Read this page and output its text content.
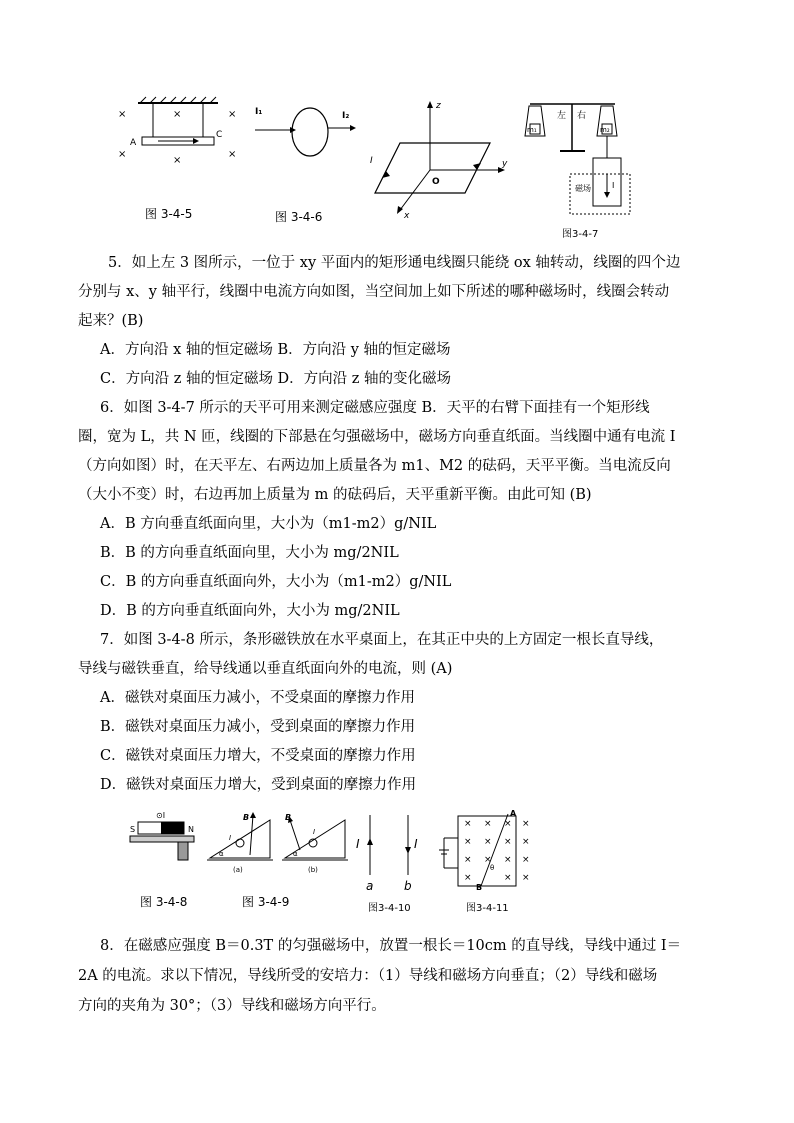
×	×	×
×
×
×
A
C
图 3-4-5
I₁	I₂
图 3-4-6
z
y
x
O
I
左 右
m₁	m₂
磁场	I
图3-4-7
5．如上左 3 图所示，一位于 xy 平面内的矩形通电线圈只能绕 ox 轴转动，线圈的四个边
分别与 x、y 轴平行，线圈中电流方向如图，当空间加上如下所述的哪种磁场时，线圈会转动
起来？(B)
A．方向沿 x 轴的恒定磁场 B．方向沿 y 轴的恒定磁场
C．方向沿 z 轴的恒定磁场 D．方向沿 z 轴的变化磁场
6．如图 3-4-7 所示的天平可用来测定磁感应强度 B．天平的右臂下面挂有一个矩形线
圈，宽为 L，共 N 匝，线圈的下部悬在匀强磁场中，磁场方向垂直纸面。当线圈中通有电流 I
（方向如图）时，在天平左、右两边加上质量各为 m1、M2 的砝码，天平平衡。当电流反向
（大小不变）时，右边再加上质量为 m 的砝码后，天平重新平衡。由此可知 (B)
A．B 方向垂直纸面向里，大小为（m1-m2）g/NIL
B．B 的方向垂直纸面向里，大小为 mg/2NIL
C．B 的方向垂直纸面向外，大小为（m1-m2）g/NIL
D．B 的方向垂直纸面向外，大小为 mg/2NIL
7．如图 3-4-8 所示，条形磁铁放在水平桌面上，在其正中央的上方固定一根长直导线，
导线与磁铁垂直，给导线通以垂直纸面向外的电流，则 (A)
A．磁铁对桌面压力减小，不受桌面的摩擦力作用
B．磁铁对桌面压力减小，受到桌面的摩擦力作用
C．磁铁对桌面压力增大，不受桌面的摩擦力作用
D．磁铁对桌面压力增大，受到桌面的摩擦力作用
S	N
⊙I
图 3-4-8
B
I
α
(a)
B
I
α
(b)
图 3-4-9
I	I
a	b
图3-4-10
× × × ×
× × × ×
× × × ×
×	× ×
A
B
θ
图3-4-11
8．在磁感应强度 B＝0.3T 的匀强磁场中，放置一根长＝10cm 的直导线，导线中通过 I＝
2A 的电流。求以下情况，导线所受的安培力：（1）导线和磁场方向垂直；（2）导线和磁场
方向的夹角为 30°；（3）导线和磁场方向平行。
